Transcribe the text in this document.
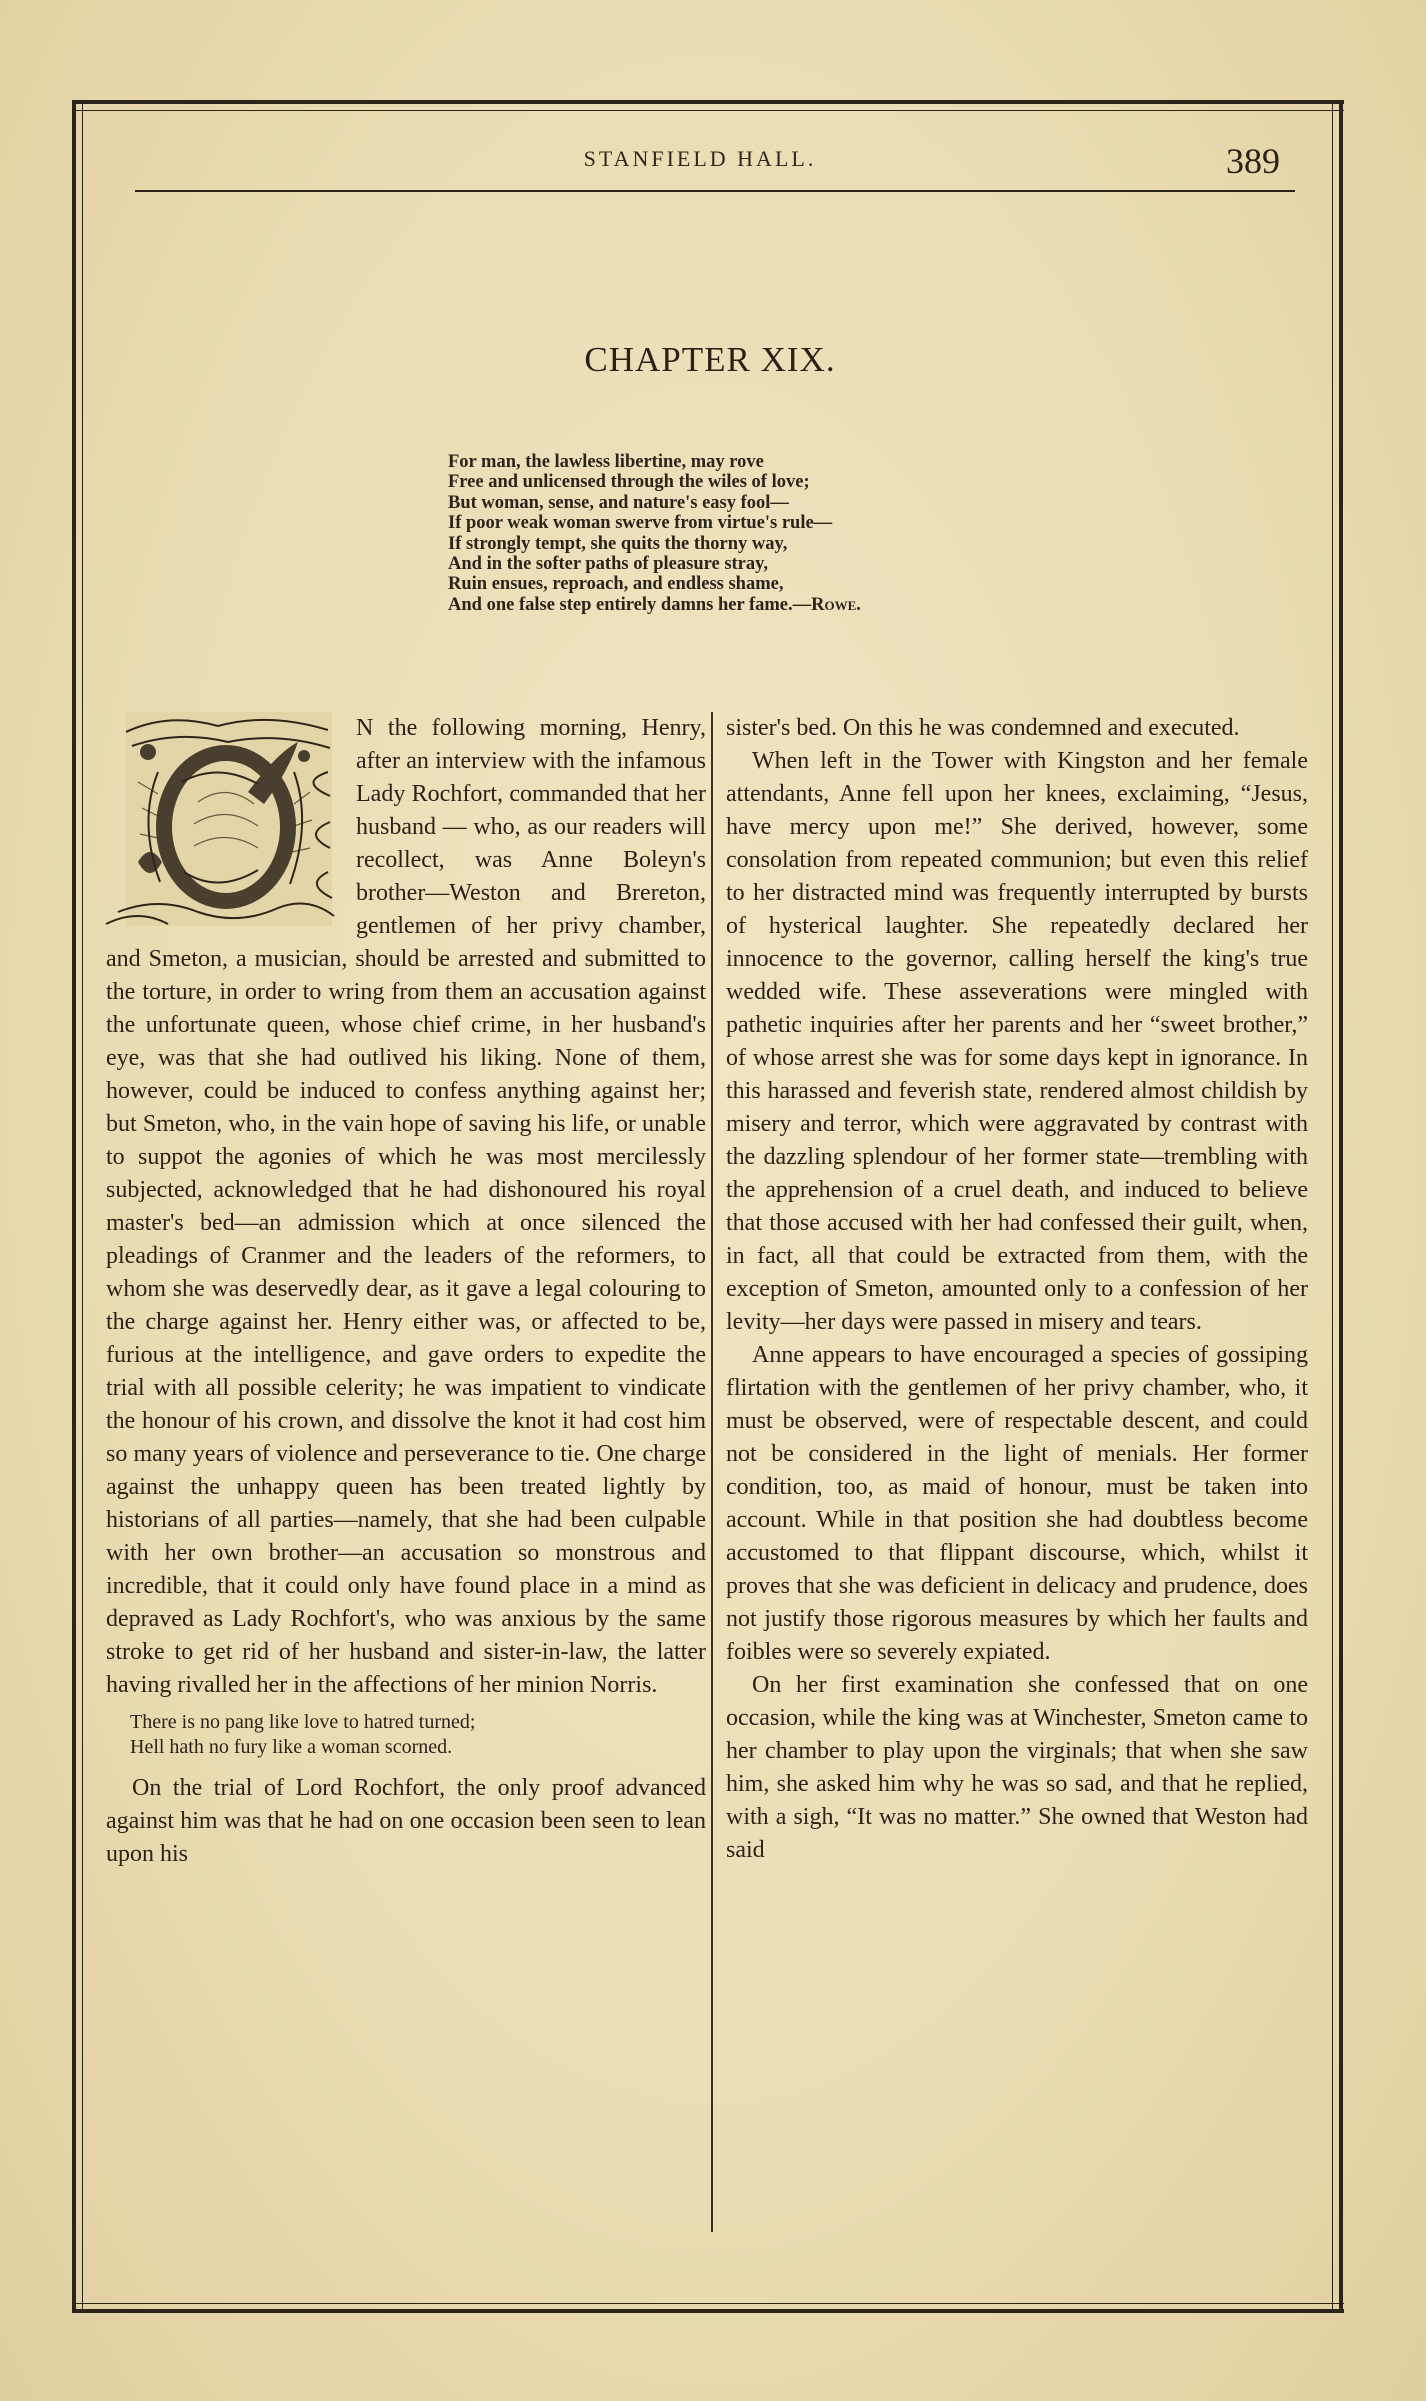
STANFIELD HALL.	389
CHAPTER XIX.
For man, the lawless libertine, may rove
Free and unlicensed through the wiles of love;
But woman, sense, and nature's easy fool—
If poor weak woman swerve from virtue's rule—
If strongly tempt, she quits the thorny way,
And in the softer paths of pleasure stray,
Ruin ensues, reproach, and endless shame,
And one false step entirely damns her fame.—Rowe.

N the following morning, Henry, after an interview with the infamous Lady Rochfort, commanded that her husband — who, as our readers will recollect, was Anne Boleyn's brother—Weston and Brereton, gentlemen of her privy chamber, and Smeton, a musician, should be arrested and submitted to the torture, in order to wring from them an accusation against the unfortunate queen, whose chief crime, in her husband's eye, was that she had outlived his liking. None of them, however, could be induced to confess anything against her; but Smeton, who, in the vain hope of saving his life, or unable to suppot the agonies of which he was most mercilessly subjected, acknowledged that he had dishonoured his royal master's bed—an admission which at once silenced the pleadings of Cranmer and the leaders of the reformers, to whom she was deservedly dear, as it gave a legal colouring to the charge against her. Henry either was, or affected to be, furious at the intelligence, and gave orders to expedite the trial with all possible celerity; he was impatient to vindicate the honour of his crown, and dissolve the knot it had cost him so many years of violence and perseverance to tie. One charge against the unhappy queen has been treated lightly by historians of all parties—namely, that she had been culpable with her own brother—an accusation so monstrous and incredible, that it could only have found place in a mind as depraved as Lady Rochfort's, who was anxious by the same stroke to get rid of her husband and sister-in-law, the latter having rivalled her in the affections of her minion Norris.

There is no pang like love to hatred turned;
Hell hath no fury like a woman scorned.

On the trial of Lord Rochfort, the only proof advanced against him was that he had on one occasion been seen to lean upon his

sister's bed. On this he was condemned and executed.

When left in the Tower with Kingston and her female attendants, Anne fell upon her knees, exclaiming, “Jesus, have mercy upon me!” She derived, however, some consolation from repeated communion; but even this relief to her distracted mind was frequently interrupted by bursts of hysterical laughter. She repeatedly declared her innocence to the governor, calling herself the king's true wedded wife. These asseverations were mingled with pathetic inquiries after her parents and her “sweet brother,” of whose arrest she was for some days kept in ignorance. In this harassed and feverish state, rendered almost childish by misery and terror, which were aggravated by contrast with the dazzling splendour of her former state—trembling with the apprehension of a cruel death, and induced to believe that those accused with her had confessed their guilt, when, in fact, all that could be extracted from them, with the exception of Smeton, amounted only to a confession of her levity—her days were passed in misery and tears.

Anne appears to have encouraged a species of gossiping flirtation with the gentlemen of her privy chamber, who, it must be observed, were of respectable descent, and could not be considered in the light of menials. Her former condition, too, as maid of honour, must be taken into account. While in that position she had doubtless become accustomed to that flippant discourse, which, whilst it proves that she was deficient in delicacy and prudence, does not justify those rigorous measures by which her faults and foibles were so severely expiated.

On her first examination she confessed that on one occasion, while the king was at Winchester, Smeton came to her chamber to play upon the virginals; that when she saw him, she asked him why he was so sad, and that he replied, with a sigh, “It was no matter.” She owned that Weston had said
